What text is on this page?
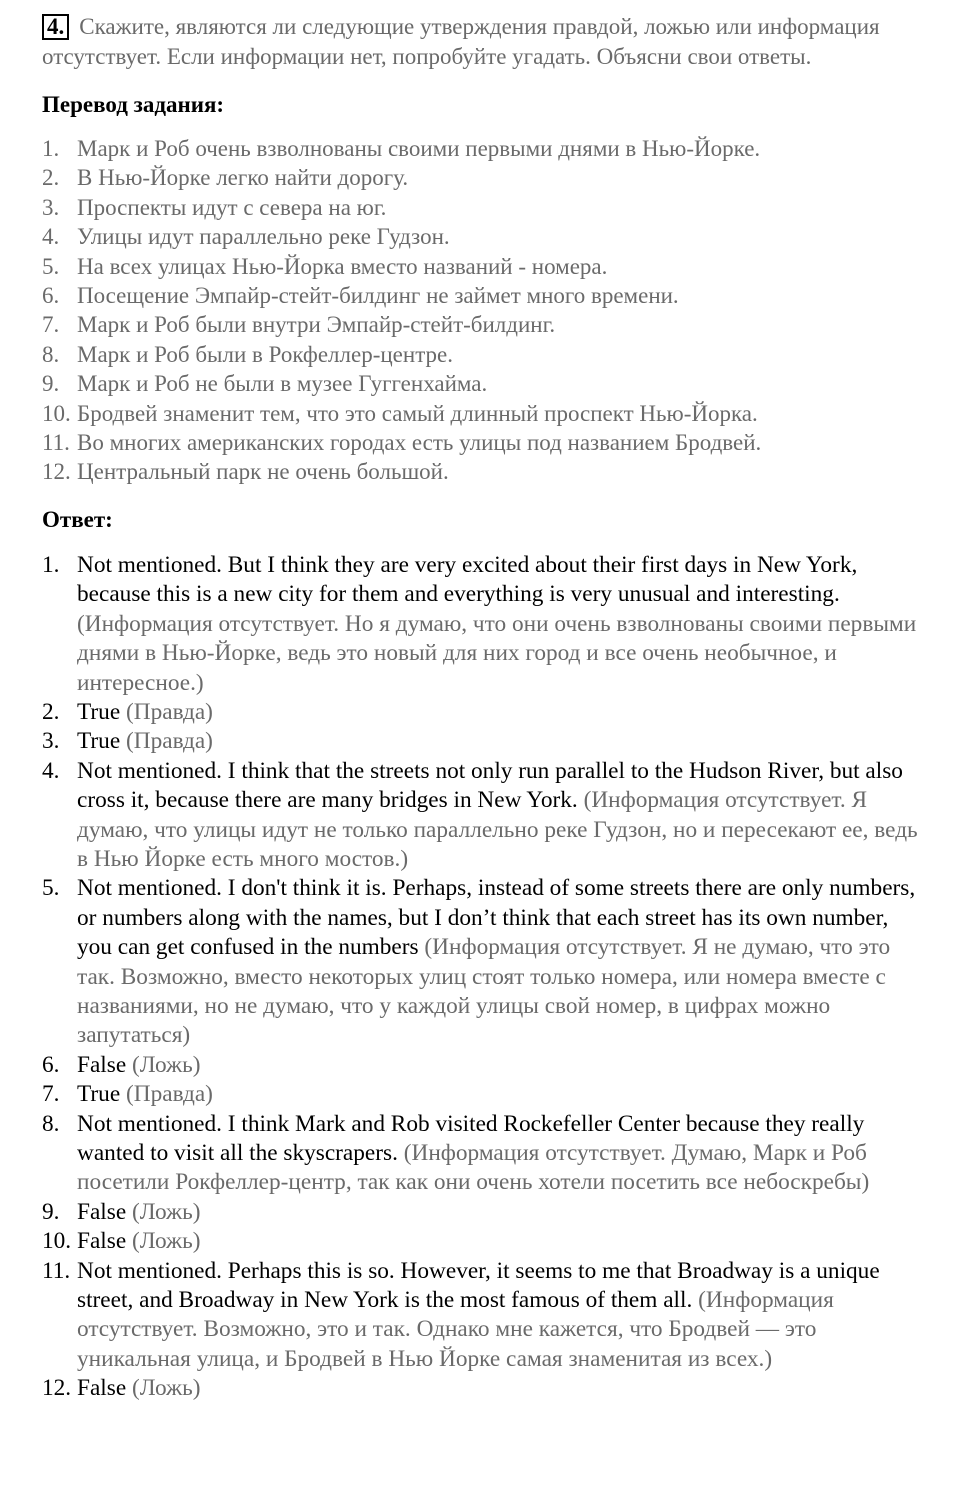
4. Скажите, являются ли следующие утверждения правдой, ложью или информация отсутствует. Если информации нет, попробуйте угадать. Объясни свои ответы.
Перевод задания:
1. Марк и Роб очень взволнованы своими первыми днями в Нью-Йорке.
2. В Нью-Йорке легко найти дорогу.
3. Проспекты идут с севера на юг.
4. Улицы идут параллельно реке Гудзон.
5. На всех улицах Нью-Йорка вместо названий - номера.
6. Посещение Эмпайр-стейт-билдинг не займет много времени.
7. Марк и Роб были внутри Эмпайр-стейт-билдинг.
8. Марк и Роб были в Рокфеллер-центре.
9. Марк и Роб не были в музее Гуггенхайма.
10. Бродвей знаменит тем, что это самый длинный проспект Нью-Йорка.
11. Во многих американских городах есть улицы под названием Бродвей.
12. Центральный парк не очень большой.
Ответ:
1. Not mentioned. But I think they are very excited about their first days in New York, because this is a new city for them and everything is very unusual and interesting. (Информация отсутствует. Но я думаю, что они очень взволнованы своими первыми днями в Нью-Йорке, ведь это новый для них город и все очень необычное, и интересное.)
2. True (Правда)
3. True (Правда)
4. Not mentioned. I think that the streets not only run parallel to the Hudson River, but also cross it, because there are many bridges in New York. (Информация отсутствует. Я думаю, что улицы идут не только параллельно реке Гудзон, но и пересекают ее, ведь в Нью Йорке есть много мостов.)
5. Not mentioned. I don't think it is. Perhaps, instead of some streets there are only numbers, or numbers along with the names, but I don’t think that each street has its own number, you can get confused in the numbers (Информация отсутствует. Я не думаю, что это так. Возможно, вместо некоторых улиц стоят только номера, или номера вместе с названиями, но не думаю, что у каждой улицы свой номер, в цифрах можно запутаться)
6. False (Ложь)
7. True (Правда)
8. Not mentioned. I think Mark and Rob visited Rockefeller Center because they really wanted to visit all the skyscrapers. (Информация отсутствует. Думаю, Марк и Роб посетили Рокфеллер-центр, так как они очень хотели посетить все небоскребы)
9. False (Ложь)
10. False (Ложь)
11. Not mentioned. Perhaps this is so. However, it seems to me that Broadway is a unique street, and Broadway in New York is the most famous of them all. (Информация отсутствует. Возможно, это и так. Однако мне кажется, что Бродвей — это уникальная улица, и Бродвей в Нью Йорке самая знаменитая из всех.)
12. False (Ложь)
